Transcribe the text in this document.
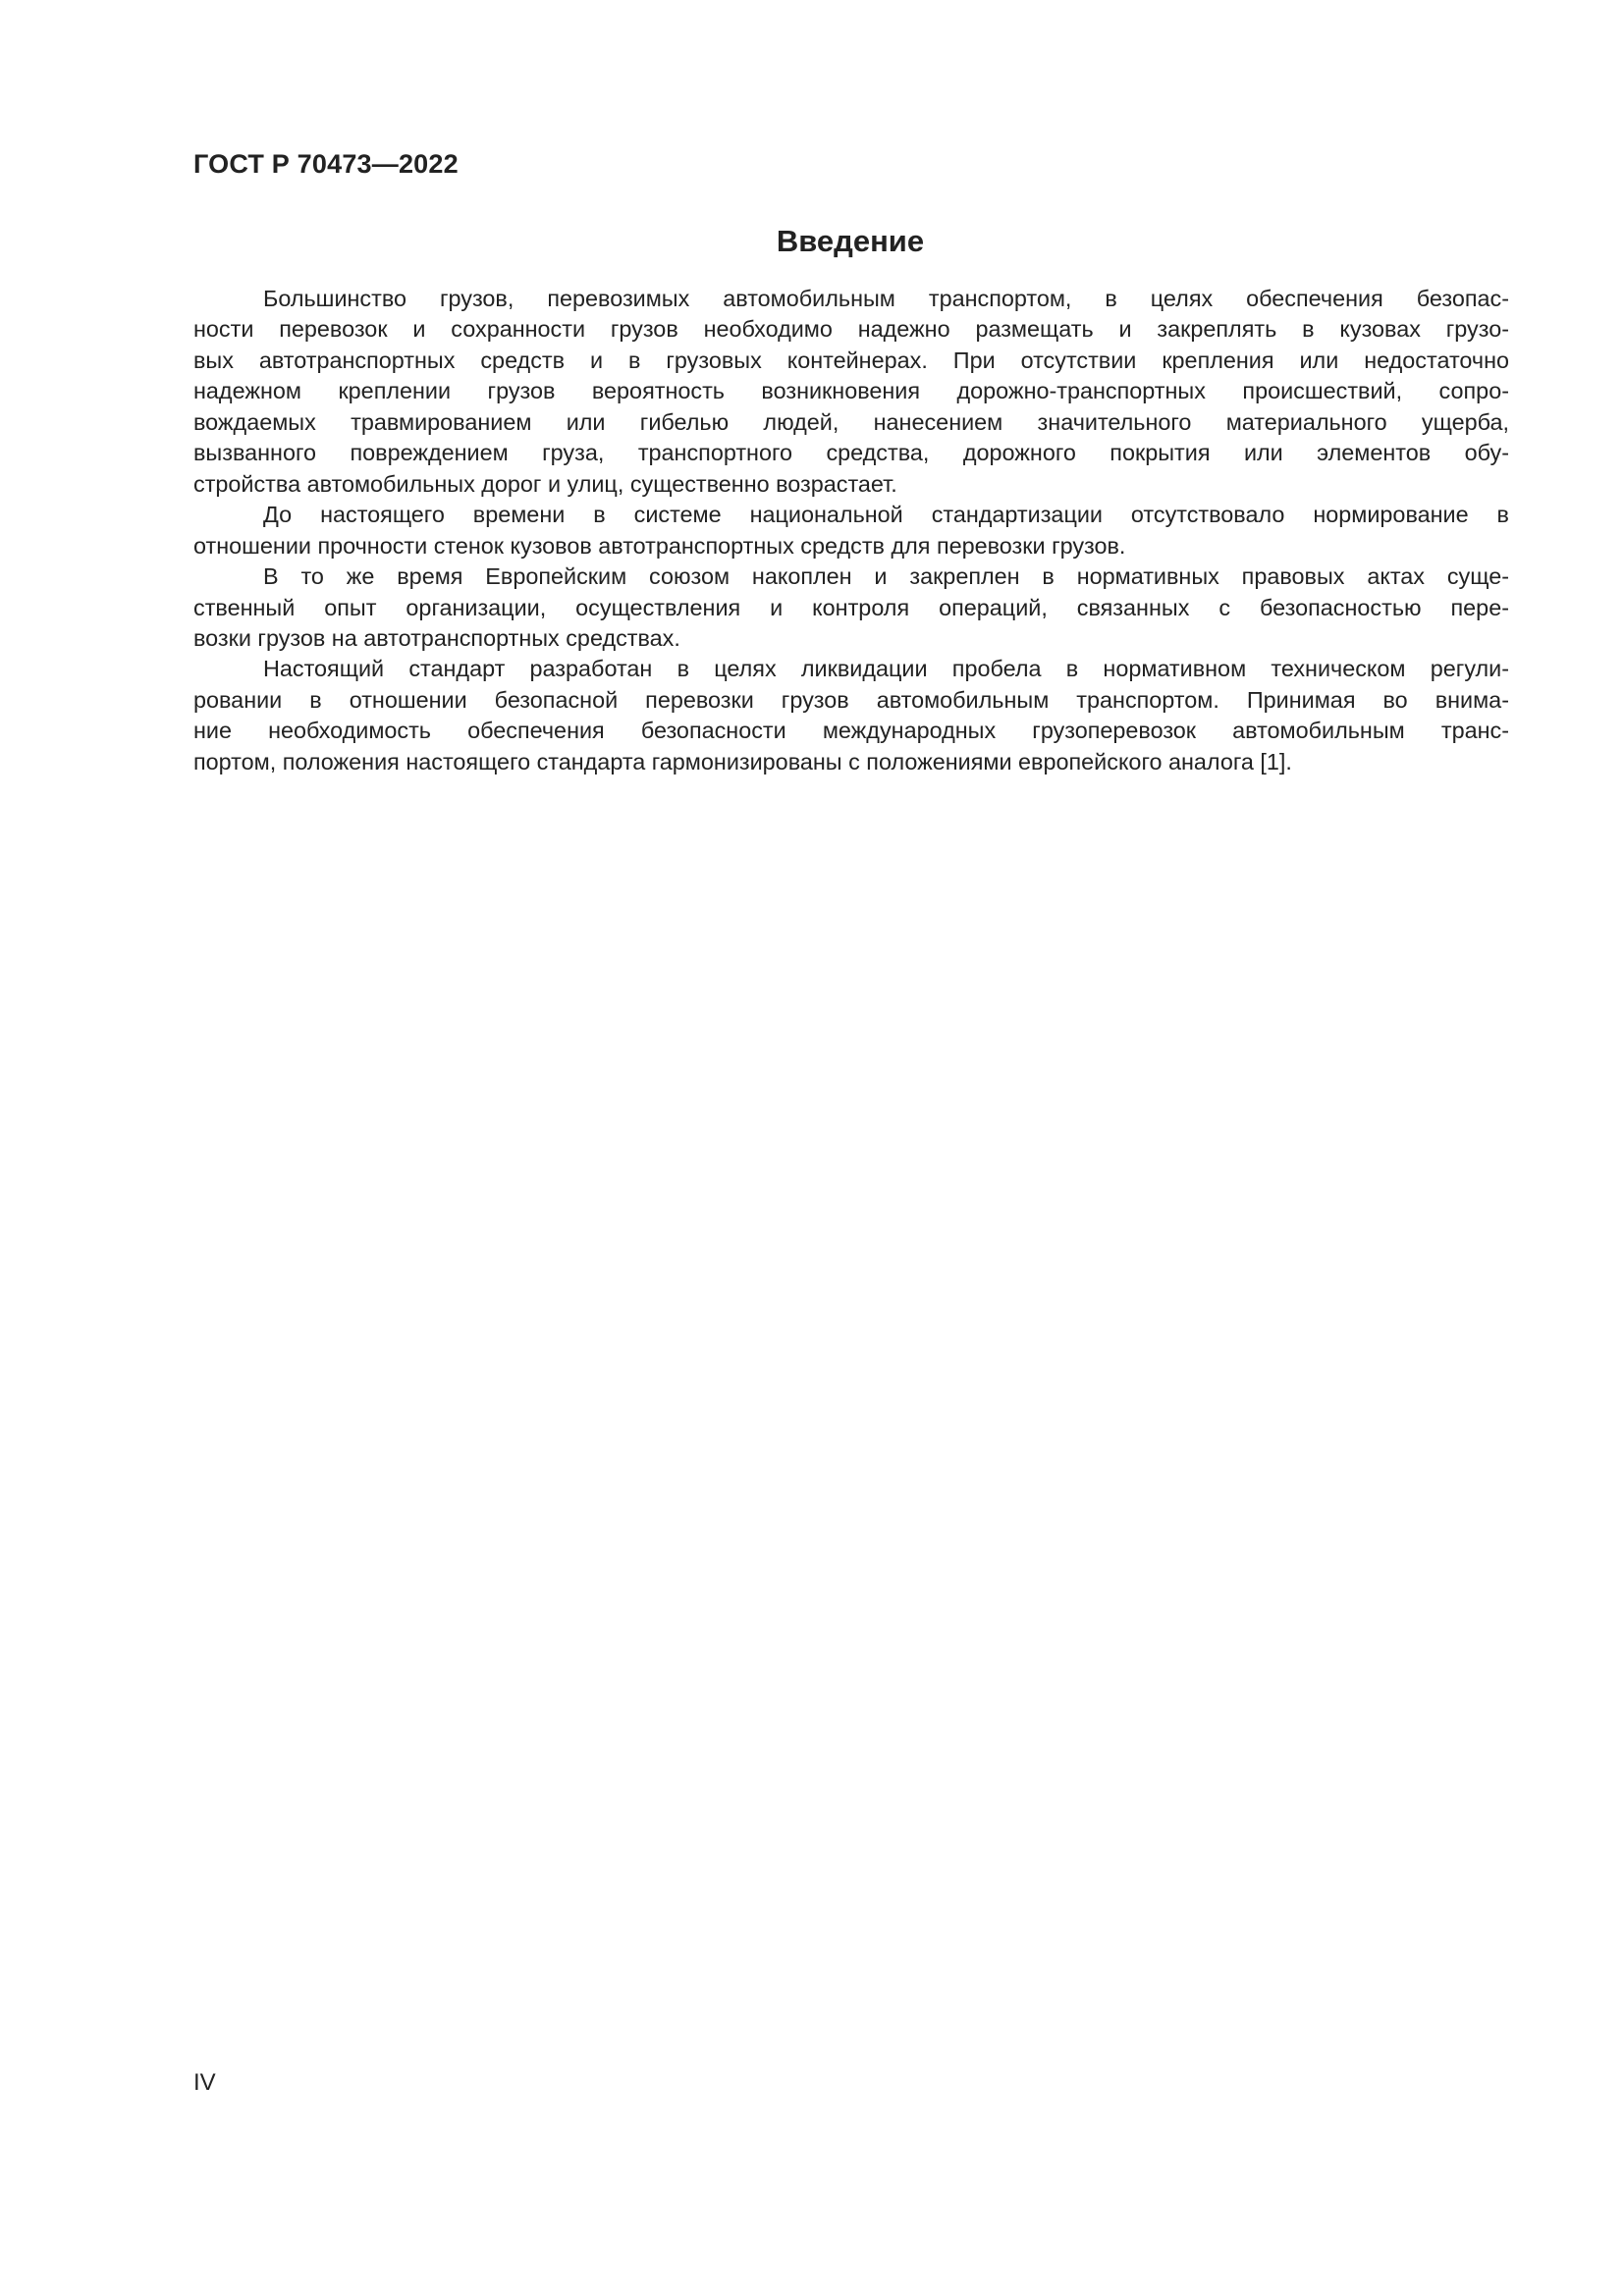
ГОСТ Р 70473—2022
Введение
Большинство грузов, перевозимых автомобильным транспортом, в целях обеспечения безопас-
ности перевозок и сохранности грузов необходимо надежно размещать и закреплять в кузовах грузо-
вых автотранспортных средств и в грузовых контейнерах. При отсутствии крепления или недостаточно
надежном креплении грузов вероятность возникновения дорожно-транспортных происшествий, сопро-
вождаемых травмированием или гибелью людей, нанесением значительного материального ущерба,
вызванного повреждением груза, транспортного средства, дорожного покрытия или элементов обу-
стройства автомобильных дорог и улиц, существенно возрастает.
До настоящего времени в системе национальной стандартизации отсутствовало нормирование в
отношении прочности стенок кузовов автотранспортных средств для перевозки грузов.
В то же время Европейским союзом накоплен и закреплен в нормативных правовых актах суще-
ственный опыт организации, осуществления и контроля операций, связанных с безопасностью пере-
возки грузов на автотранспортных средствах.
Настоящий стандарт разработан в целях ликвидации пробела в нормативном техническом регули-
ровании в отношении безопасной перевозки грузов автомобильным транспортом. Принимая во внима-
ние необходимость обеспечения безопасности международных грузоперевозок автомобильным транс-
портом, положения настоящего стандарта гармонизированы с положениями европейского аналога [1].
IV
